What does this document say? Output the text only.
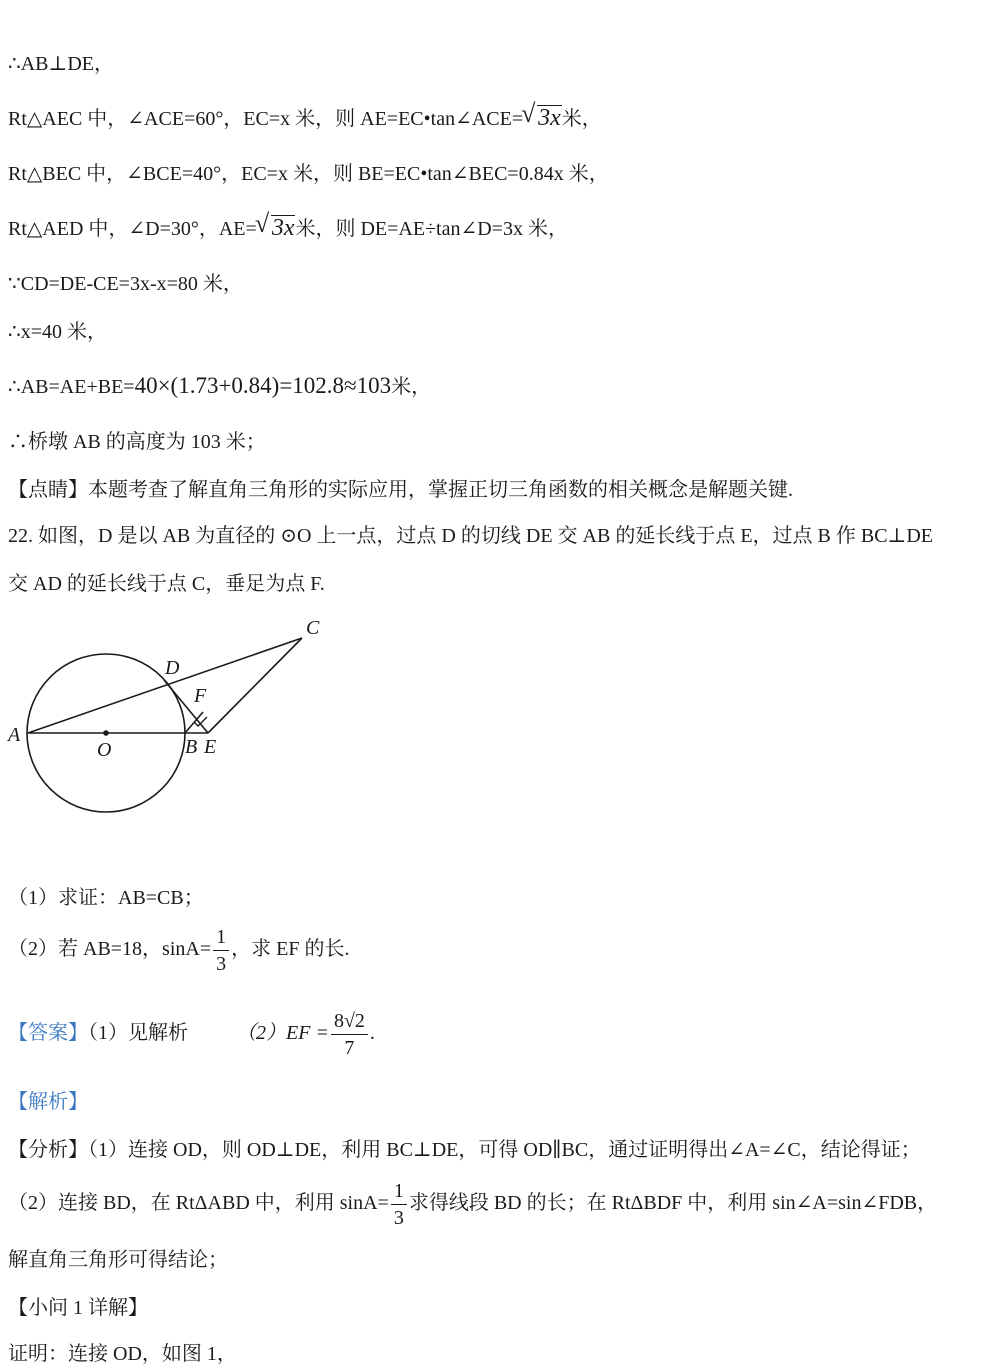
∴AB⊥DE，
Rt△AEC 中，∠ACE=60°，EC=x 米，则 AE=EC•tan∠ACE= √ 3x米，
Rt△BEC 中，∠BCE=40°，EC=x 米，则 BE=EC•tan∠BEC=0.84x 米，
Rt△AED 中，∠D=30°，AE= √ 3x米，则 DE=AE÷tan∠D=3x 米，
∵CD=DE-CE=3x-x=80 米，
∴x=40 米，
∴AB=AE+BE=40×(1.73+0.84)=102.8≈103米，
∴桥墩 AB 的高度为 103 米；
【点睛】本题考查了解直角三角形的实际应用，掌握正切三角函数的相关概念是解题关键.
22. 如图，D 是以 AB 为直径的 ⊙O 上一点，过点 D 的切线 DE 交 AB 的延长线于点 E，过点 B 作 BC⊥DE
交 AD 的延长线于点 C，垂足为点 F.
A
O	B E
D
F
C
（1）求证：AB=CB；
（2）若 AB=18，$\sin A= \frac{1}{3}$ ，求 EF 的长.
【答案】（1）见解析 $(2)EF = \frac{8√2}{7}$ .
【解析】
【分析】（1）连接 OD，则 OD⊥DE，利用 BC⊥DE，可得 OD∥BC，通过证明得出∠A=∠C，结论得证；
（2）连接 BD，在 RtΔABD 中，利用 $\sin A= \frac{1}{3}$ 求得线段 BD 的长；在 RtΔBDF 中，利用 sin∠A=sin∠FDB，
解直角三角形可得结论；
【小问 1 详解】
证明：连接 OD，如图 1，
